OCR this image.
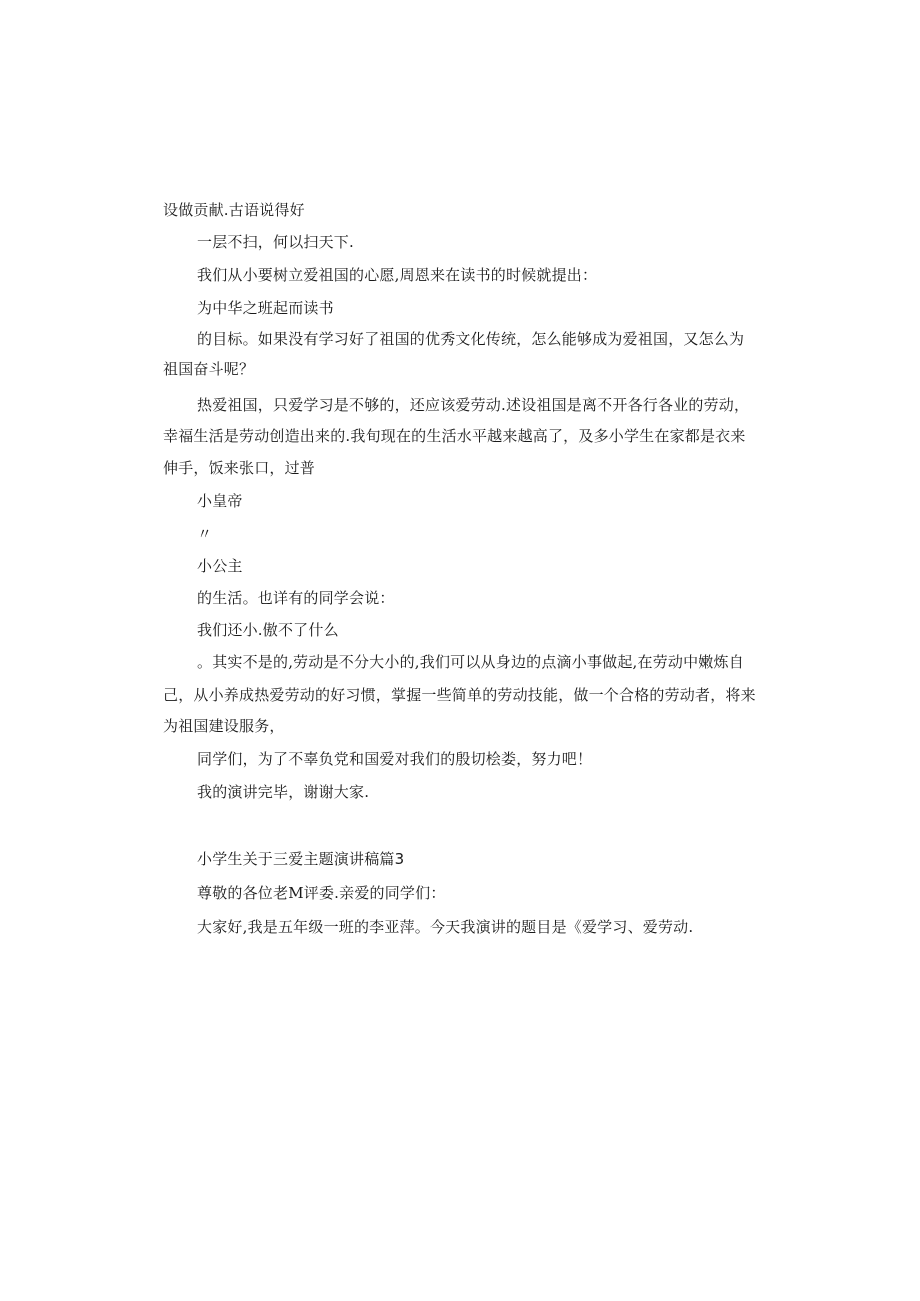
设做贡献.古语说得好
一层不扫，何以扫天下.
我们从小要树立爱祖国的心愿,周恩来在读书的时候就提出：
为中华之班起而读书
的目标。如果没有学习好了祖国的优秀文化传统，怎么能够成为爱祖国，又怎么为
祖国奋斗呢？
热爱祖国，只爱学习是不够的，还应该爱劳动.述设祖国是离不开各行各业的劳动，
幸福生活是劳动创造出来的.我旬现在的生活水平越来越高了，及多小学生在家都是衣来
伸手，饭来张口，过普
小皇帝
〃
小公主
的生活。也详有的同学会说：
我们还小.傲不了什么
。其实不是的,劳动是不分大小的,我们可以从身边的点滴小事做起,在劳动中嫩炼自
己，从小养成热爱劳动的好习惯，掌握一些简单的劳动技能，做一个合格的劳动者，将来
为祖国建设服务，
同学们，为了不辜负党和国爱对我们的殷切桧娄，努力吧！
我的演讲完毕，谢谢大家.
小学生关于三爱主题演讲稿篇3
尊敬的各位老M评委.亲爱的同学们：
大家好,我是五年级一班的李亚萍。今天我演讲的题目是《爱学习、爱劳动.
